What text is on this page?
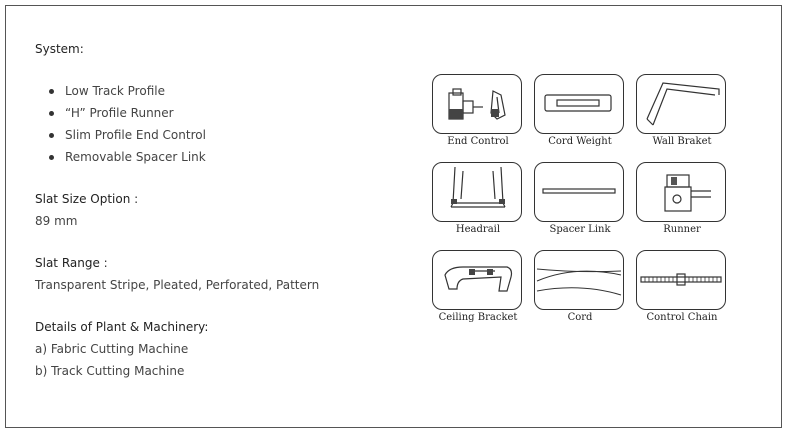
System:

Low Track Profile
“H” Profile Runner
Slim Profile End Control
Removable Spacer Link

Slat Size Option :

89 mm

Slat Range :

Transparent Stripe, Pleated, Perforated, Pattern

Details of Plant & Machinery:

a) Fabric Cutting Machine

b) Track Cutting Machine

End Control	Cord Weight	Wall Braket
Headrail	Spacer Link	Runner
Ceiling Bracket	Cord	Control Chain
